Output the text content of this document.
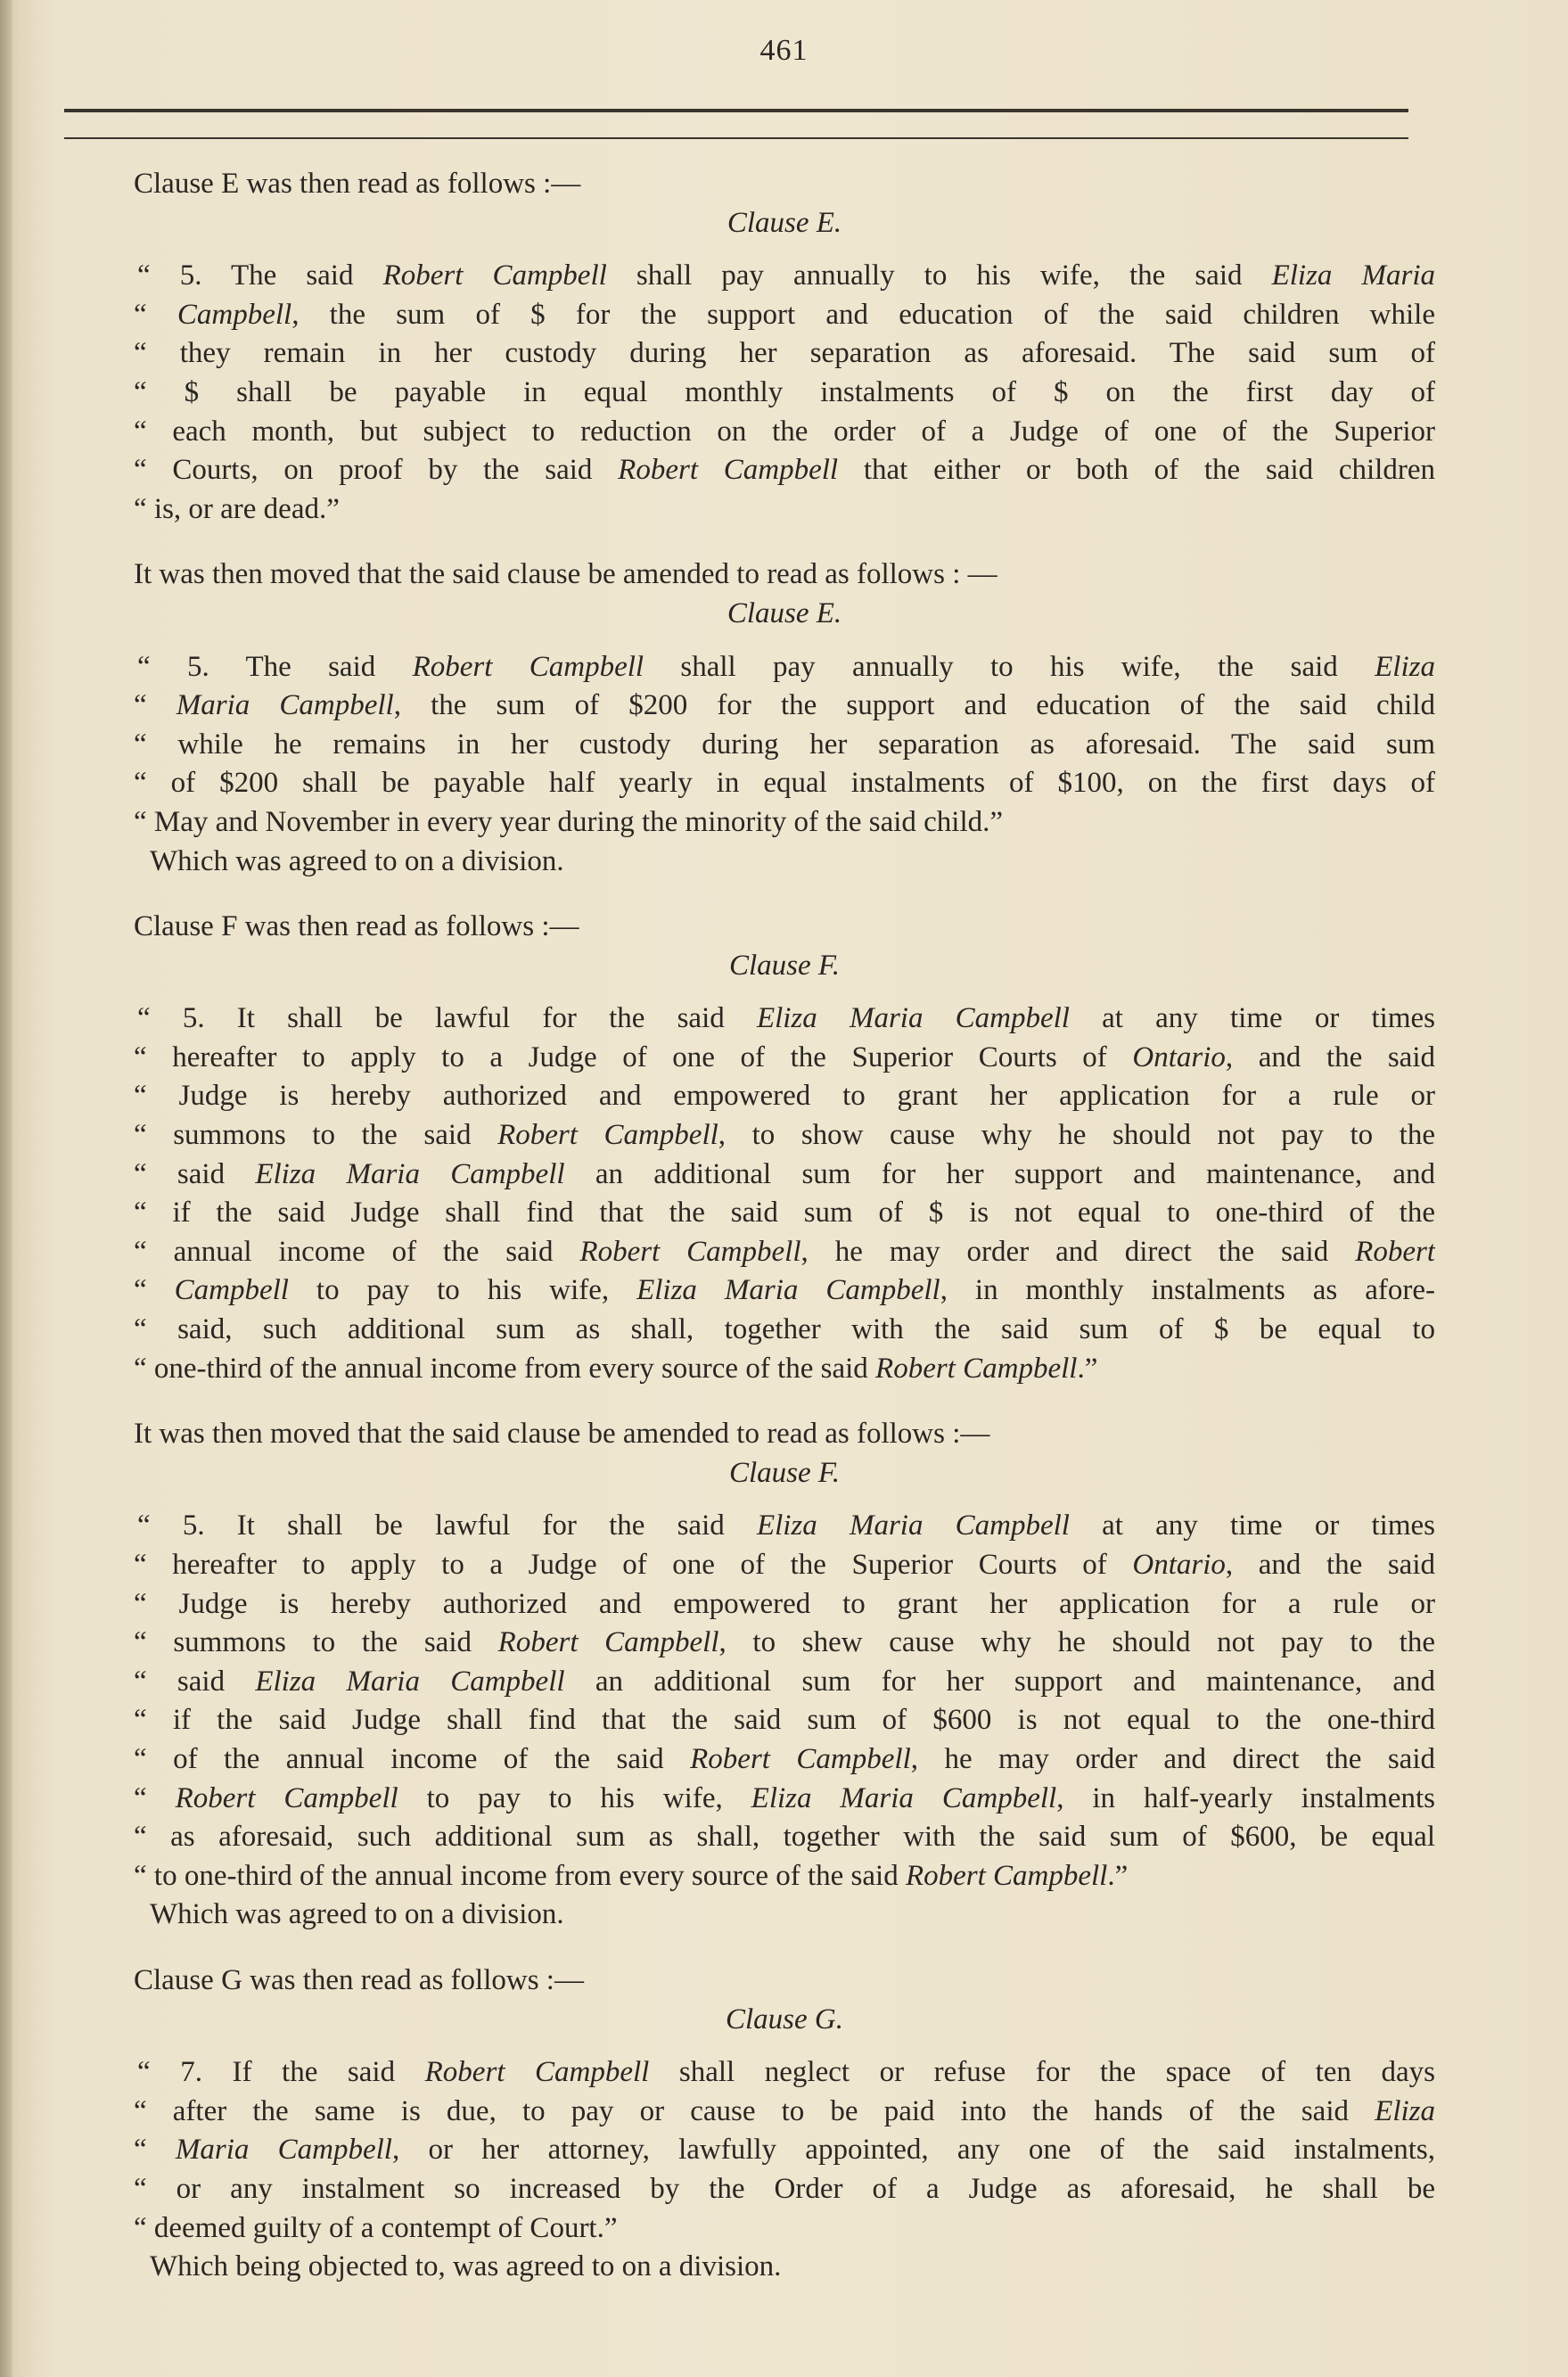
461

Clause E was then read as follows :—

Clause E.

“ 5. The said Robert Campbell shall pay annually to his wife, the said Eliza Maria
“ Campbell, the sum of $ for the support and education of the said children while
“ they remain in her custody during her separation as aforesaid. The said sum of
“ $ shall be payable in equal monthly instalments of $ on the first day of
“ each month, but subject to reduction on the order of a Judge of one of the Superior
“ Courts, on proof by the said Robert Campbell that either or both of the said children
“ is, or are dead.”

It was then moved that the said clause be amended to read as follows : —

Clause E.

“ 5. The said Robert Campbell shall pay annually to his wife, the said Eliza
“ Maria Campbell, the sum of $200 for the support and education of the said child
“ while he remains in her custody during her separation as aforesaid. The said sum
“ of $200 shall be payable half yearly in equal instalments of $100, on the first days of
“ May and November in every year during the minority of the said child.”

Which was agreed to on a division.

Clause F was then read as follows :—

Clause F.

“ 5. It shall be lawful for the said Eliza Maria Campbell at any time or times
“ hereafter to apply to a Judge of one of the Superior Courts of Ontario, and the said
“ Judge is hereby authorized and empowered to grant her application for a rule or
“ summons to the said Robert Campbell, to show cause why he should not pay to the
“ said Eliza Maria Campbell an additional sum for her support and maintenance, and
“ if the said Judge shall find that the said sum of $ is not equal to one-third of the
“ annual income of the said Robert Campbell, he may order and direct the said Robert
“ Campbell to pay to his wife, Eliza Maria Campbell, in monthly instalments as afore-
“ said, such additional sum as shall, together with the said sum of $ be equal to
“ one-third of the annual income from every source of the said Robert Campbell.”

It was then moved that the said clause be amended to read as follows :—

Clause F.

“ 5. It shall be lawful for the said Eliza Maria Campbell at any time or times
“ hereafter to apply to a Judge of one of the Superior Courts of Ontario, and the said
“ Judge is hereby authorized and empowered to grant her application for a rule or
“ summons to the said Robert Campbell, to shew cause why he should not pay to the
“ said Eliza Maria Campbell an additional sum for her support and maintenance, and
“ if the said Judge shall find that the said sum of $600 is not equal to the one-third
“ of the annual income of the said Robert Campbell, he may order and direct the said
“ Robert Campbell to pay to his wife, Eliza Maria Campbell, in half-yearly instalments
“ as aforesaid, such additional sum as shall, together with the said sum of $600, be equal
“ to one-third of the annual income from every source of the said Robert Campbell.”

Which was agreed to on a division.

Clause G was then read as follows :—

Clause G.

“ 7. If the said Robert Campbell shall neglect or refuse for the space of ten days
“ after the same is due, to pay or cause to be paid into the hands of the said Eliza
“ Maria Campbell, or her attorney, lawfully appointed, any one of the said instalments,
“ or any instalment so increased by the Order of a Judge as aforesaid, he shall be
“ deemed guilty of a contempt of Court.”

Which being objected to, was agreed to on a division.
